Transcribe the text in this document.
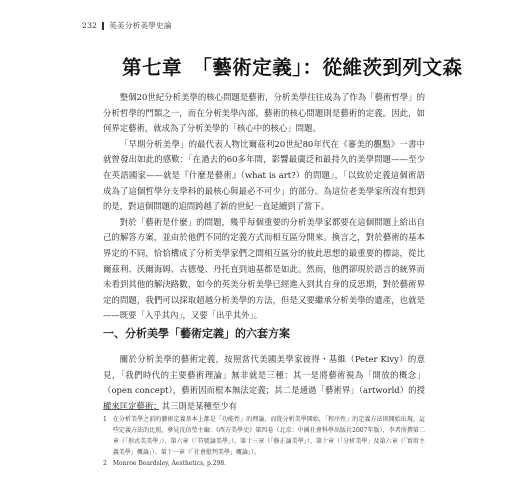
232 英美分析美學史論
第七章　「藝術定義」：從維茨到列文森

整個20世紀分析美學的核心問題是藝術，分析美學往往成為了作為「藝術哲學」的分析哲學的門類之一，而在分析美學內部，藝術的核心問題則是藝術的定義。因此，如何界定藝術，就成為了分析美學的「核心中的核心」問題。

「早期分析美學」的最代表人物比爾茲利20世紀80年代在《審美的觀點》一書中就曾發出如此的感歎：「在過去的60多年間，影響最廣泛和最持久的美學問題——至少在英語國家——就是『什麼是藝術』（what is art?）的問題」，「以致於定義這個術語成為了這個哲學分支學科的最核心與最必不可少」的部分。為這位老美學家所沒有想到的是，對這個問題的追問跨越了新的世紀一直延續到了當下。

對於「藝術是什麼」的問題，幾乎每個重要的分析美學家都要在這個問題上給出自己的解答方案，並由於他們不同的定義方式而相互區分開來。換言之，對於藝術的基本界定的不同，恰恰構成了分析美學家們之間相互區分的彼此思想的最重要的標誌，從比爾茲利、沃爾海姆、古德曼、丹托直到迪基都是如此。然而，他們卻現於語言的統界而未看到其他的解決路數，如今的英美分析美學已經進入到其自身的反思期，對於藝術界定的問題，我們可以採取超越分析美學的方法，但是又要繼承分析美學的遺產，也就是——既要「入乎其內」，又要「出乎其外」。

一、分析美學「藝術定義」的六套方案

關於分析美學的藝術定義，按照當代美國美學家彼得・基維（Peter Kivy）的意見，「我們時代的主要藝術理論」無非就是三種：其一是將藝術視為「開放的概念」（open concept），藝術因而根本無法定義；其二是通過「藝術界」（artworld）的授權來匡定藝術；其三則是某種至少有

1 在分析美學之前的藝術定義基本上都是「功能性」的理論，而從分析美學開始，「程序性」的定義方法則開始出現，這些定義方法的比照，參見沈信瑩主編：《西方美學史》第四卷（北京：中國社會科學出版社2007年版），李者所撰第二章（「形式美美學」）、第六章（「符號論美學」）、第十三章（「修正論美學」）、第十章（「分析美學」及第六章（「實用主義美學」概論」）、第十一章（「社會批判美學」概論」）。
2 Monroe Beardsley, Aesthetics, p.298.
